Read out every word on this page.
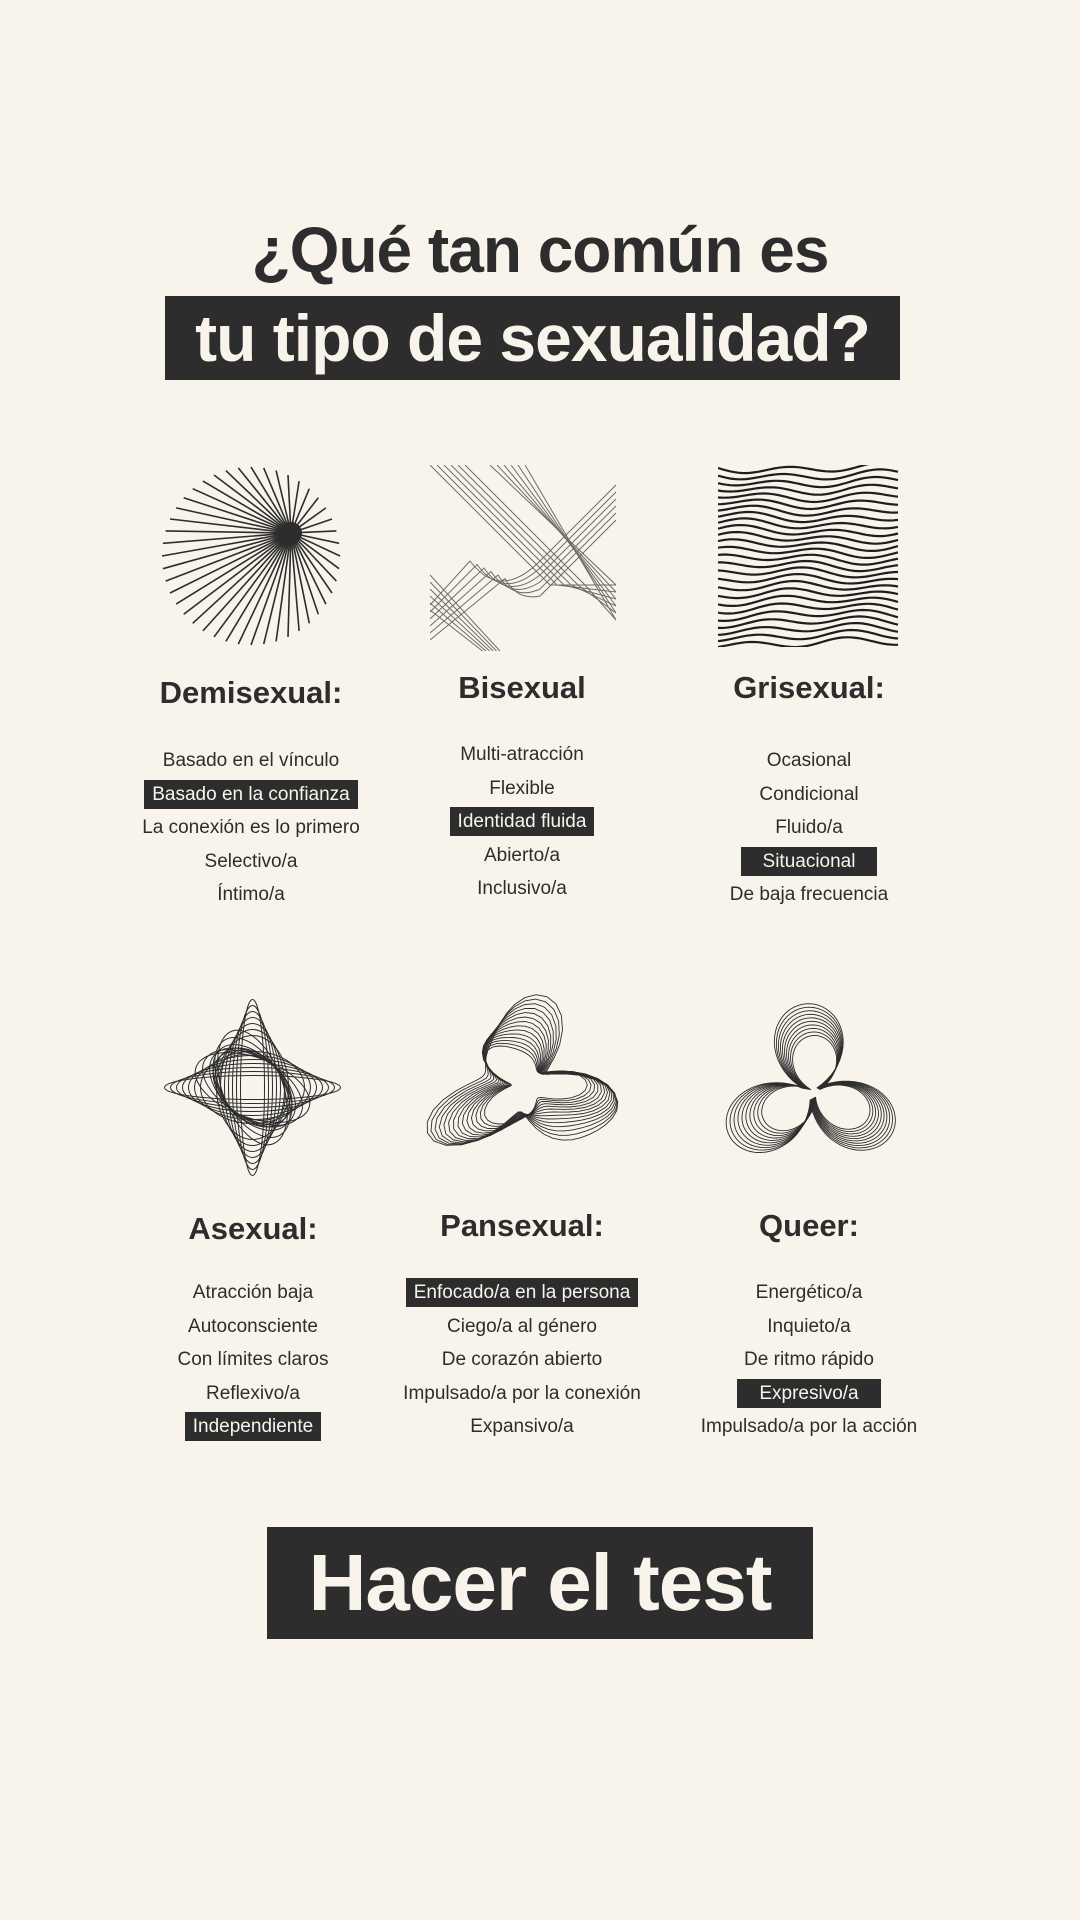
¿Qué tan común es
tu tipo de sexualidad?
Demisexual:
Basado en el vínculo
Basado en la confianza
La conexión es lo primero
Selectivo/a
Íntimo/a
Bisexual
Multi-atracción
Flexible
Identidad fluida
Abierto/a
Inclusivo/a
Grisexual:
Ocasional
Condicional
Fluido/a
Situacional
De baja frecuencia
Asexual:
Atracción baja
Autoconsciente
Con límites claros
Reflexivo/a
Independiente
Pansexual:
Enfocado/a en la persona
Ciego/a al género
De corazón abierto
Impulsado/a por la conexión
Expansivo/a
Queer:
Energético/a
Inquieto/a
De ritmo rápido
Expresivo/a
Impulsado/a por la acción
Hacer el test
